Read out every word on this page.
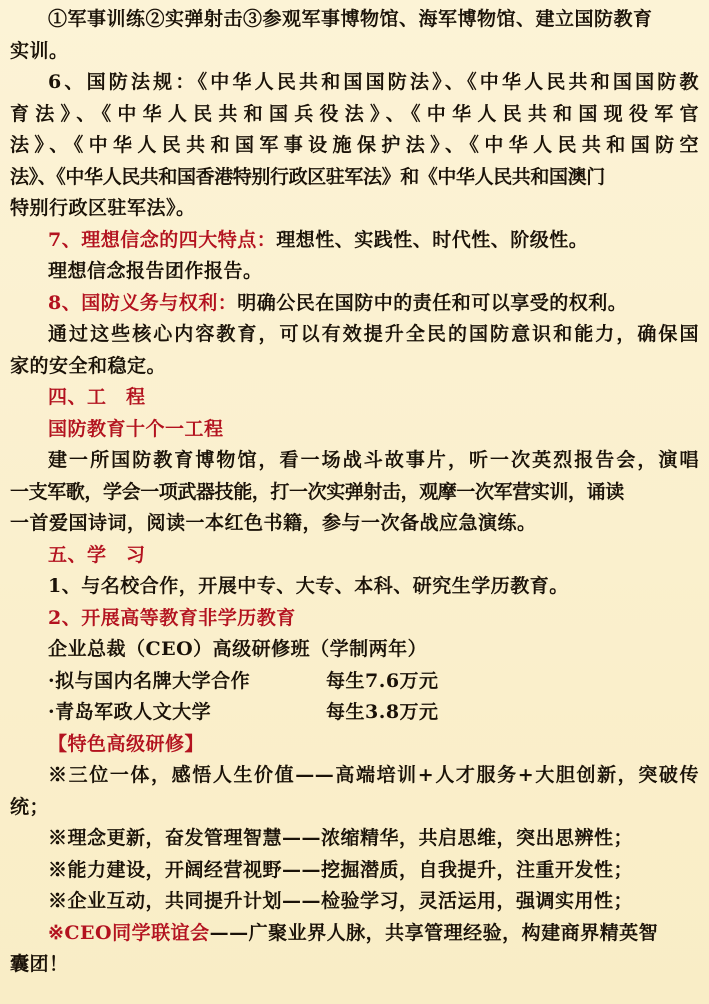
①军事训练②实弹射击③参观军事博物馆、海军博物馆、建立国防教育
实训。
6、国防法规：《中华人民共和国国防法》、《中华人民共和国国防教
育法》、《中华人民共和国兵役法》、《中华人民共和国现役军官
法》、《中华人民共和国军事设施保护法》、《中华人民共和国防空
法》、《中华人民共和国香港特别行政区驻军法》和《中华人民共和国澳门
特别行政区驻军法》。
7、理想信念的四大特点：理想性、实践性、时代性、阶级性。
理想信念报告团作报告。
8、国防义务与权利：明确公民在国防中的责任和可以享受的权利。
通过这些核心内容教育，可以有效提升全民的国防意识和能力，确保国
家的安全和稳定。
四、工　程
国防教育十个一工程
建一所国防教育博物馆，看一场战斗故事片，听一次英烈报告会，演唱
一支军歌，学会一项武器技能，打一次实弹射击，观摩一次军营实训，诵读
一首爱国诗词，阅读一本红色书籍，参与一次备战应急演练。
五、学　习
1、与名校合作，开展中专、大专、本科、研究生学历教育。
2、开展高等教育非学历教育
企业总裁（CEO）高级研修班（学制两年）
·拟与国内名牌大学合作	每生7.6万元
·青岛军政人文大学	每生3.8万元
【特色高级研修】
※三位一体，感悟人生价值——高端培训+人才服务+大胆创新，突破传
统；
※理念更新，奋发管理智慧——浓缩精华，共启思维，突出思辨性；
※能力建设，开阔经营视野——挖掘潜质，自我提升，注重开发性；
※企业互动，共同提升计划——检验学习，灵活运用，强调实用性；
※CEO同学联谊会——广聚业界人脉，共享管理经验，构建商界精英智
囊团！
